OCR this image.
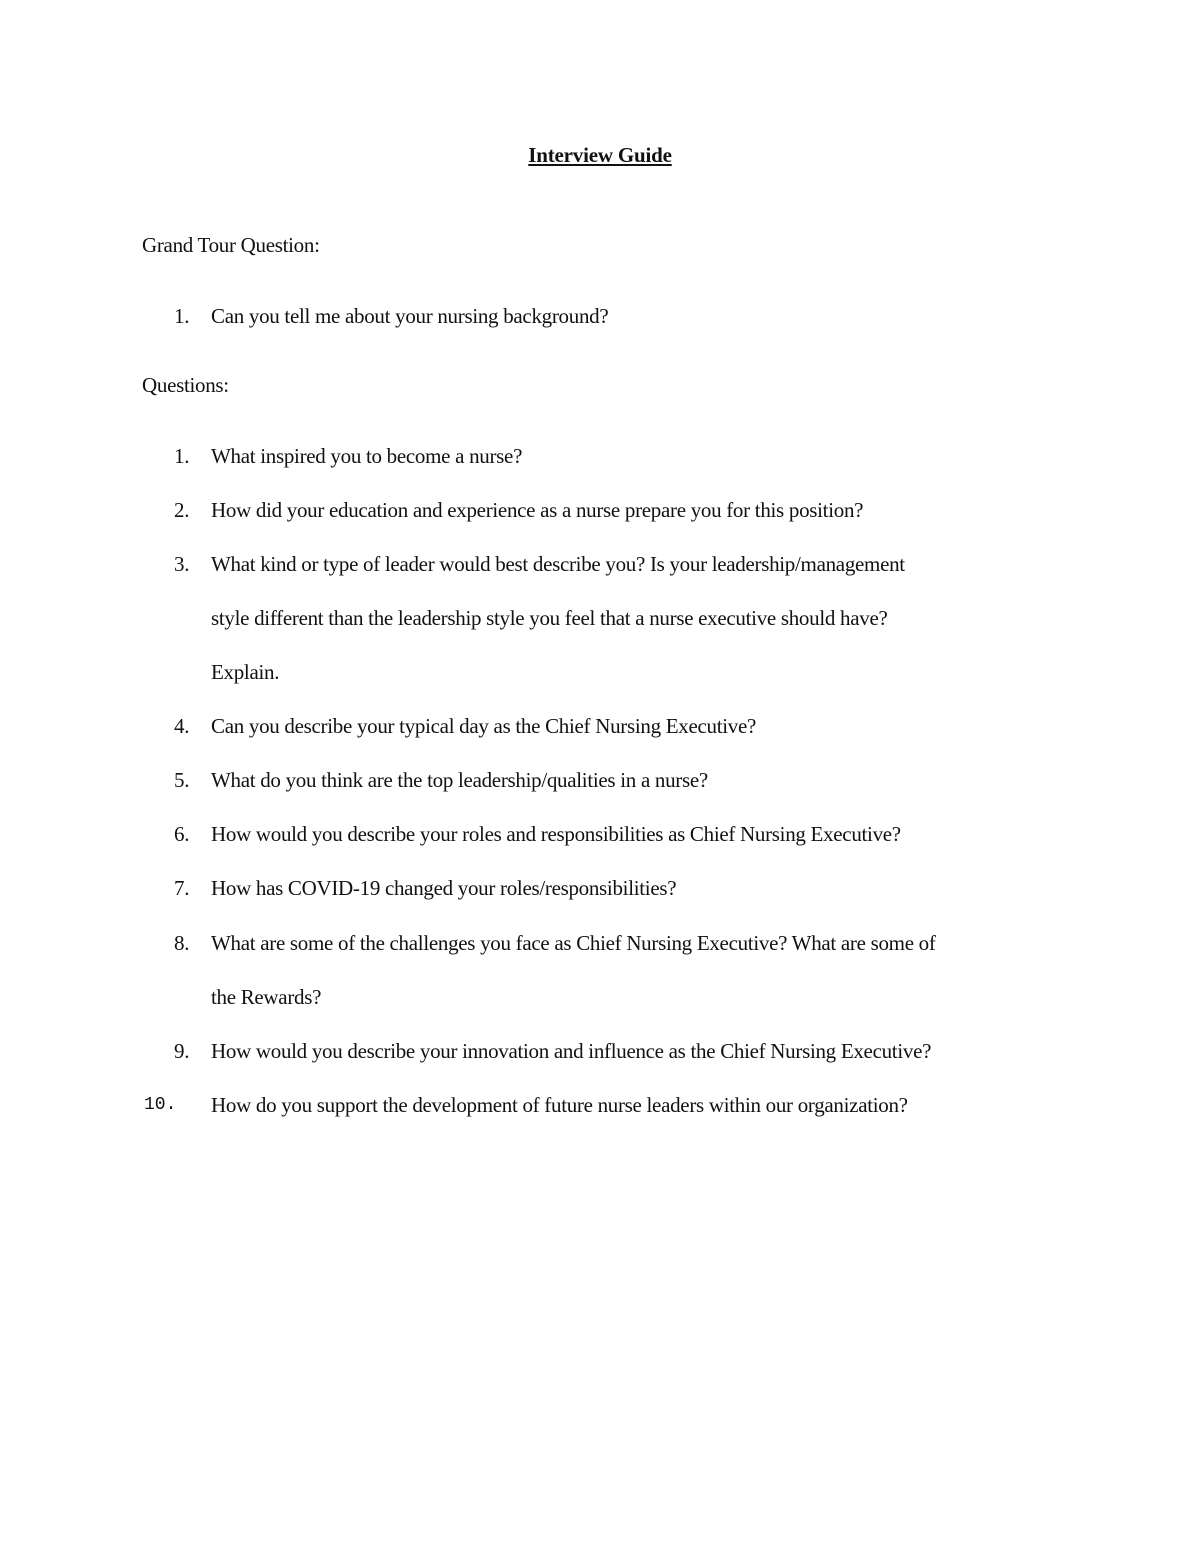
Interview Guide
Grand Tour Question:
1.	Can you tell me about your nursing background?
Questions:
1.	What inspired you to become a nurse?
2.	How did your education and experience as a nurse prepare you for this position?
3.	What kind or type of leader would best describe you? Is your leadership/management
style different than the leadership style you feel that a nurse executive should have?
Explain.
4.	Can you describe your typical day as the Chief Nursing Executive?
5.	What do you think are the top leadership/qualities in a nurse?
6.	How would you describe your roles and responsibilities as Chief Nursing Executive?
7.	How has COVID-19 changed your roles/responsibilities?
8.	What are some of the challenges you face as Chief Nursing Executive? What are some of
the Rewards?
9.	How would you describe your innovation and influence as the Chief Nursing Executive?
10.	How do you support the development of future nurse leaders within our organization?
